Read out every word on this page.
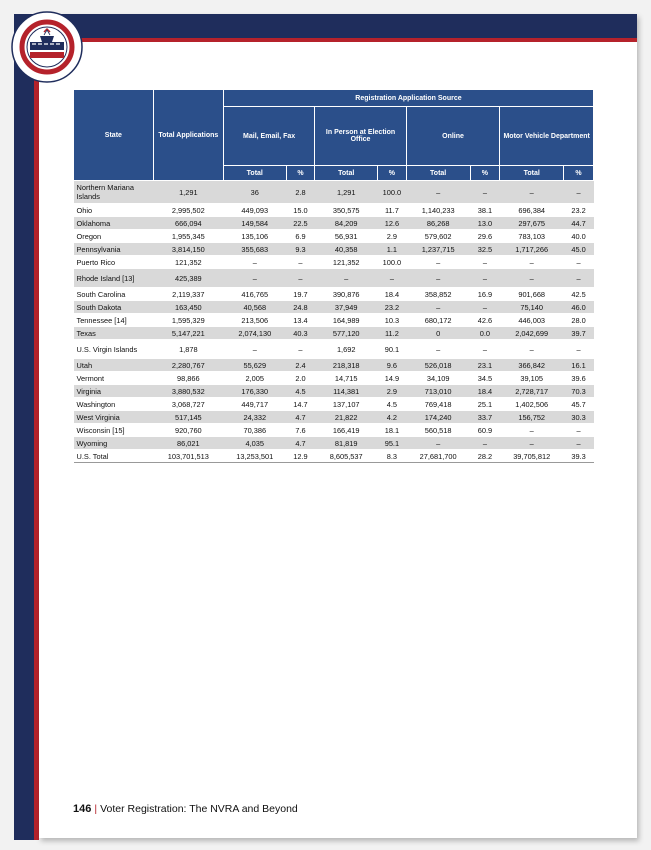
State	Total Applications	Registration Application Source							
		Mail, Email, Fax		In Person at Election Office		Online		Motor Vehicle Department	
		Total	%	Total	%	Total	%	Total	%
Northern Mariana Islands	1,291	36	2.8	1,291	100.0	–	–	–	–
Ohio	2,995,502	449,093	15.0	350,575	11.7	1,140,233	38.1	696,384	23.2
Oklahoma	666,094	149,584	22.5	84,209	12.6	86,268	13.0	297,675	44.7
Oregon	1,955,345	135,106	6.9	56,931	2.9	579,602	29.6	783,103	40.0
Pennsylvania	3,814,150	355,683	9.3	40,358	1.1	1,237,715	32.5	1,717,266	45.0
Puerto Rico	121,352	–	–	121,352	100.0	–	–	–	–
Rhode Island [13]	425,389	–	–	–	–	–	–	–	–
South Carolina	2,119,337	416,765	19.7	390,876	18.4	358,852	16.9	901,668	42.5
South Dakota	163,450	40,568	24.8	37,949	23.2	–	–	75,140	46.0
Tennessee [14]	1,595,329	213,506	13.4	164,989	10.3	680,172	42.6	446,003	28.0
Texas	5,147,221	2,074,130	40.3	577,120	11.2	0	0.0	2,042,699	39.7
U.S. Virgin Islands	1,878	–	–	1,692	90.1	–	–	–	–
Utah	2,280,767	55,629	2.4	218,318	9.6	526,018	23.1	366,842	16.1
Vermont	98,866	2,005	2.0	14,715	14.9	34,109	34.5	39,105	39.6
Virginia	3,880,532	176,330	4.5	114,381	2.9	713,010	18.4	2,728,717	70.3
Washington	3,068,727	449,717	14.7	137,107	4.5	769,418	25.1	1,402,506	45.7
West Virginia	517,145	24,332	4.7	21,822	4.2	174,240	33.7	156,752	30.3
Wisconsin [15]	920,760	70,386	7.6	166,419	18.1	560,518	60.9	–	–
Wyoming	86,021	4,035	4.7	81,819	95.1	–	–	–	–
U.S. Total	103,701,513	13,253,501	12.9	8,605,537	8.3	27,681,700	28.2	39,705,812	39.3
146 | Voter Registration: The NVRA and Beyond
